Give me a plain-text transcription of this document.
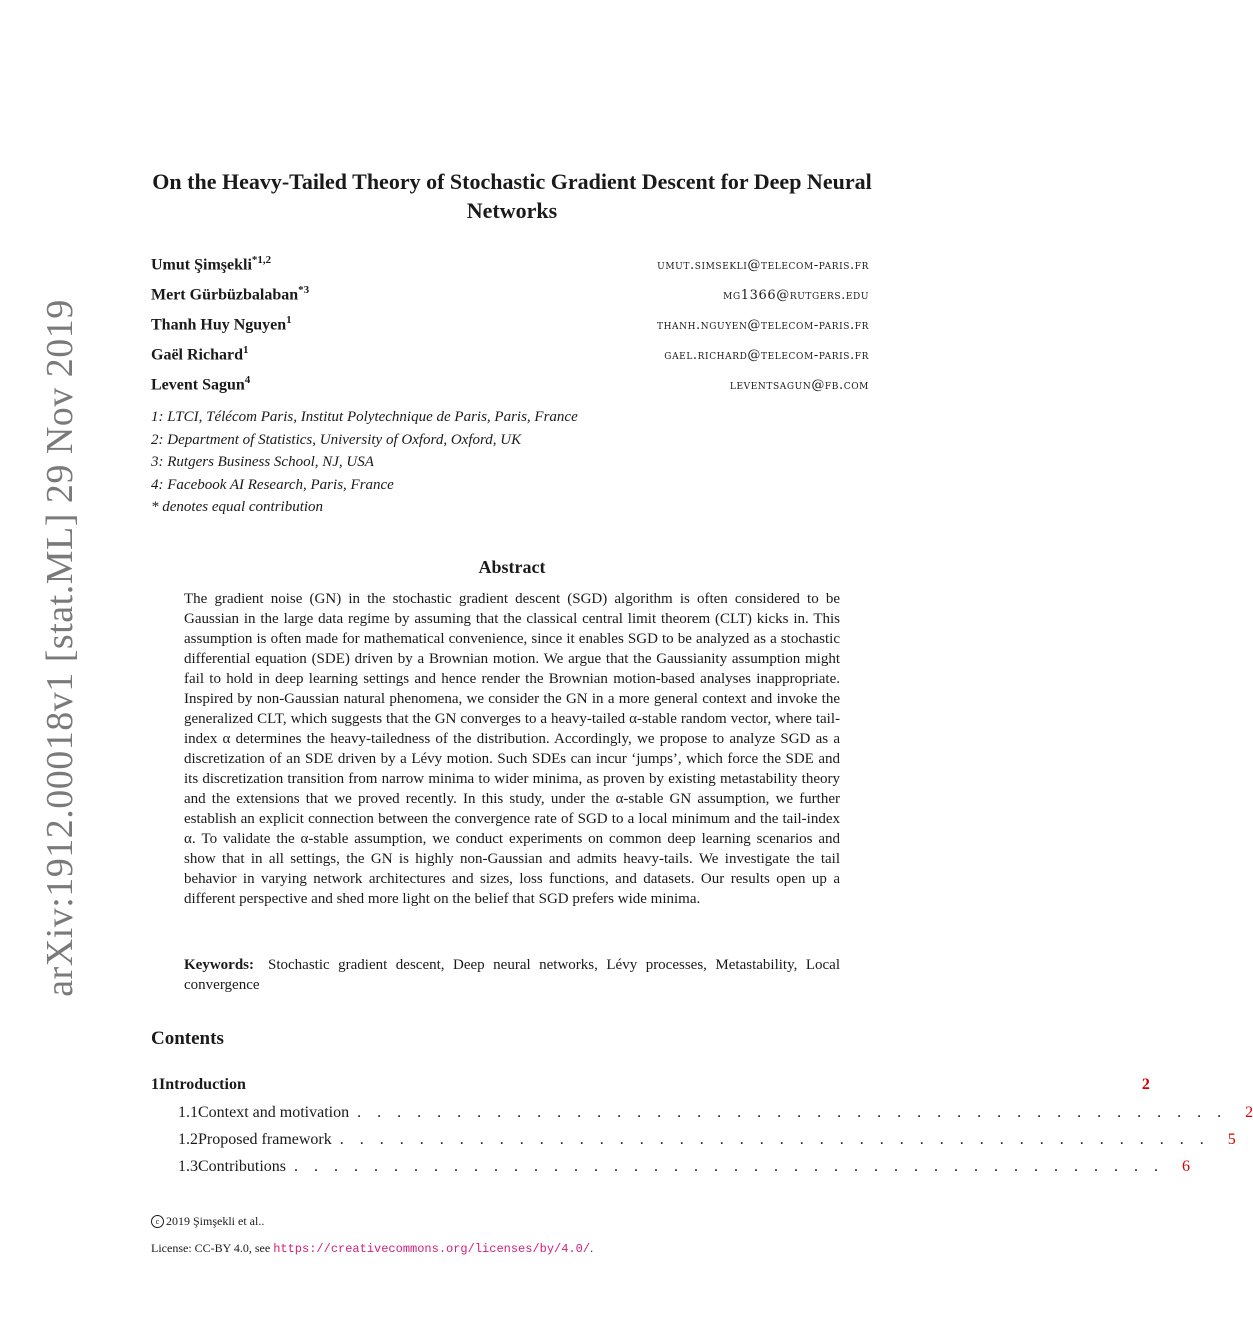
arXiv:1912.00018v1 [stat.ML] 29 Nov 2019
On the Heavy-Tailed Theory of Stochastic Gradient Descent for Deep Neural Networks
Umut Şimşekli$^{*1,2}$	umut.simsekli@telecom-paris.fr
Mert Gürbüzbalaban$^{*3}$	mg1366@rutgers.edu
Thanh Huy Nguyen$^1$	thanh.nguyen@telecom-paris.fr
Gaël Richard$^1$	gael.richard@telecom-paris.fr
Levent Sagun$^4$	leventsagun@fb.com
1: LTCI, Télécom Paris, Institut Polytechnique de Paris, Paris, France
2: Department of Statistics, University of Oxford, Oxford, UK
3: Rutgers Business School, NJ, USA
4: Facebook AI Research, Paris, France
* denotes equal contribution
Abstract
The gradient noise (GN) in the stochastic gradient descent (SGD) algorithm is often considered to be Gaussian in the large data regime by assuming that the classical central limit theorem (CLT) kicks in. This assumption is often made for mathematical convenience, since it enables SGD to be analyzed as a stochastic differential equation (SDE) driven by a Brownian motion. We argue that the Gaussianity assumption might fail to hold in deep learning settings and hence render the Brownian motion-based analyses inappropriate. Inspired by non-Gaussian natural phenomena, we consider the GN in a more general context and invoke the generalized CLT, which suggests that the GN converges to a heavy-tailed α-stable random vector, where tail-index α determines the heavy-tailedness of the distribution. Accordingly, we propose to analyze SGD as a discretization of an SDE driven by a Lévy motion. Such SDEs can incur ‘jumps’, which force the SDE and its discretization transition from narrow minima to wider minima, as proven by existing metastability theory and the extensions that we proved recently. In this study, under the α-stable GN assumption, we further establish an explicit connection between the convergence rate of SGD to a local minimum and the tail-index α. To validate the α-stable assumption, we conduct experiments on common deep learning scenarios and show that in all settings, the GN is highly non-Gaussian and admits heavy-tails. We investigate the tail behavior in varying network architectures and sizes, loss functions, and datasets. Our results open up a different perspective and shed more light on the belief that SGD prefers wide minima.
Keywords: Stochastic gradient descent, Deep neural networks, Lévy processes, Metastability, Local convergence
Contents
1 Introduction	2
1.1 Context and motivation . . . . . . . . . . . . . . . . . . . . . . . . . . . . . . . . . . . . . . . . . . . .	2
1.2 Proposed framework . . . . . . . . . . . . . . . . . . . . . . . . . . . . . . . . . . . . . . . . . . . .	5
1.3 Contributions . . . . . . . . . . . . . . . . . . . . . . . . . . . . . . . . . . . . . . . . . . . .	6
c 2019 Şimşekli et al..
License: CC-BY 4.0, see https://creativecommons.org/licenses/by/4.0/.
